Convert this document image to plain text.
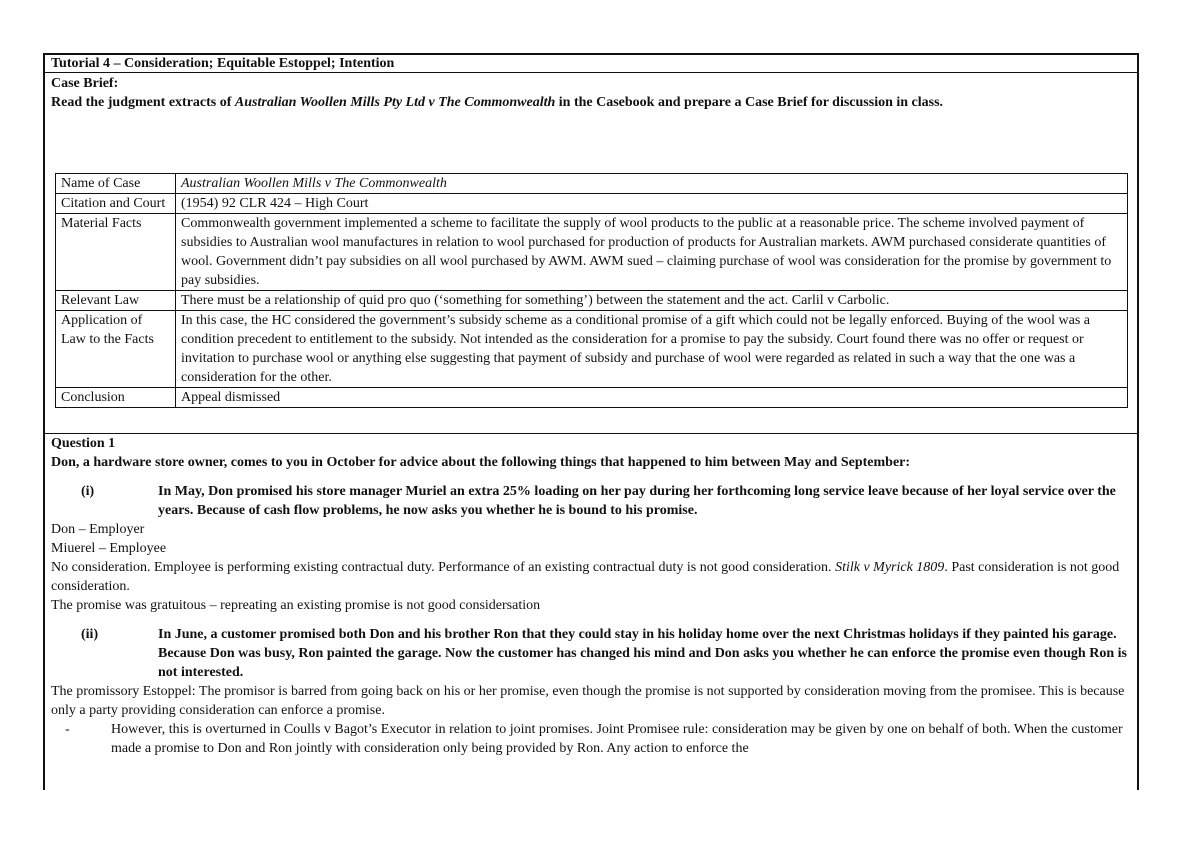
Tutorial 4 – Consideration; Equitable Estoppel; Intention
Case Brief:

Read the judgment extracts of Australian Woollen Mills Pty Ltd v The Commonwealth in the Casebook and prepare a Case Brief for discussion in class.

Name of Case	Australian Woollen Mills v The Commonwealth
Citation and Court	(1954) 92 CLR 424 – High Court
Material Facts	Commonwealth government implemented a scheme to facilitate the supply of wool products to the public at a reasonable price. The scheme involved payment of subsidies to Australian wool manufactures in relation to wool purchased for production of products for Australian markets. AWM purchased considerate quantities of wool. Government didn’t pay subsidies on all wool purchased by AWM. AWM sued – claiming purchase of wool was consideration for the promise by government to pay subsidies.
Relevant Law	There must be a relationship of quid pro quo (‘something for something’) between the statement and the act. Carlil v Carbolic.
Application of Law to the Facts	In this case, the HC considered the government’s subsidy scheme as a conditional promise of a gift which could not be legally enforced. Buying of the wool was a condition precedent to entitlement to the subsidy. Not intended as the consideration for a promise to pay the subsidy. Court found there was no offer or request or invitation to purchase wool or anything else suggesting that payment of subsidy and purchase of wool were regarded as related in such a way that the one was a consideration for the other.
Conclusion	Appeal dismissed
Question 1
Don, a hardware store owner, comes to you in October for advice about the following things that happened to him between May and September:
(i)	In May, Don promised his store manager Muriel an extra 25% loading on her pay during her forthcoming long service leave because of her loyal service over the years. Because of cash flow problems, he now asks you whether he is bound to his promise.

Don – Employer

Miuerel – Employee

No consideration. Employee is performing existing contractual duty. Performance of an existing contractual duty is not good consideration. Stilk v Myrick 1809. Past consideration is not good consideration.

The promise was gratuitous – repreating an existing promise is not good considersation

(ii)	In June, a customer promised both Don and his brother Ron that they could stay in his holiday home over the next Christmas holidays if they painted his garage. Because Don was busy, Ron painted the garage. Now the customer has changed his mind and Don asks you whether he can enforce the promise even though Ron is not interested.

The promissory Estoppel: The promisor is barred from going back on his or her promise, even though the promise is not supported by consideration moving from the promisee. This is because only a party providing consideration can enforce a promise.

-	However, this is overturned in Coulls v Bagot’s Executor in relation to joint promises. Joint Promisee rule: consideration may be given by one on behalf of both. When the customer made a promise to Don and Ron jointly with consideration only being provided by Ron. Any action to enforce the
